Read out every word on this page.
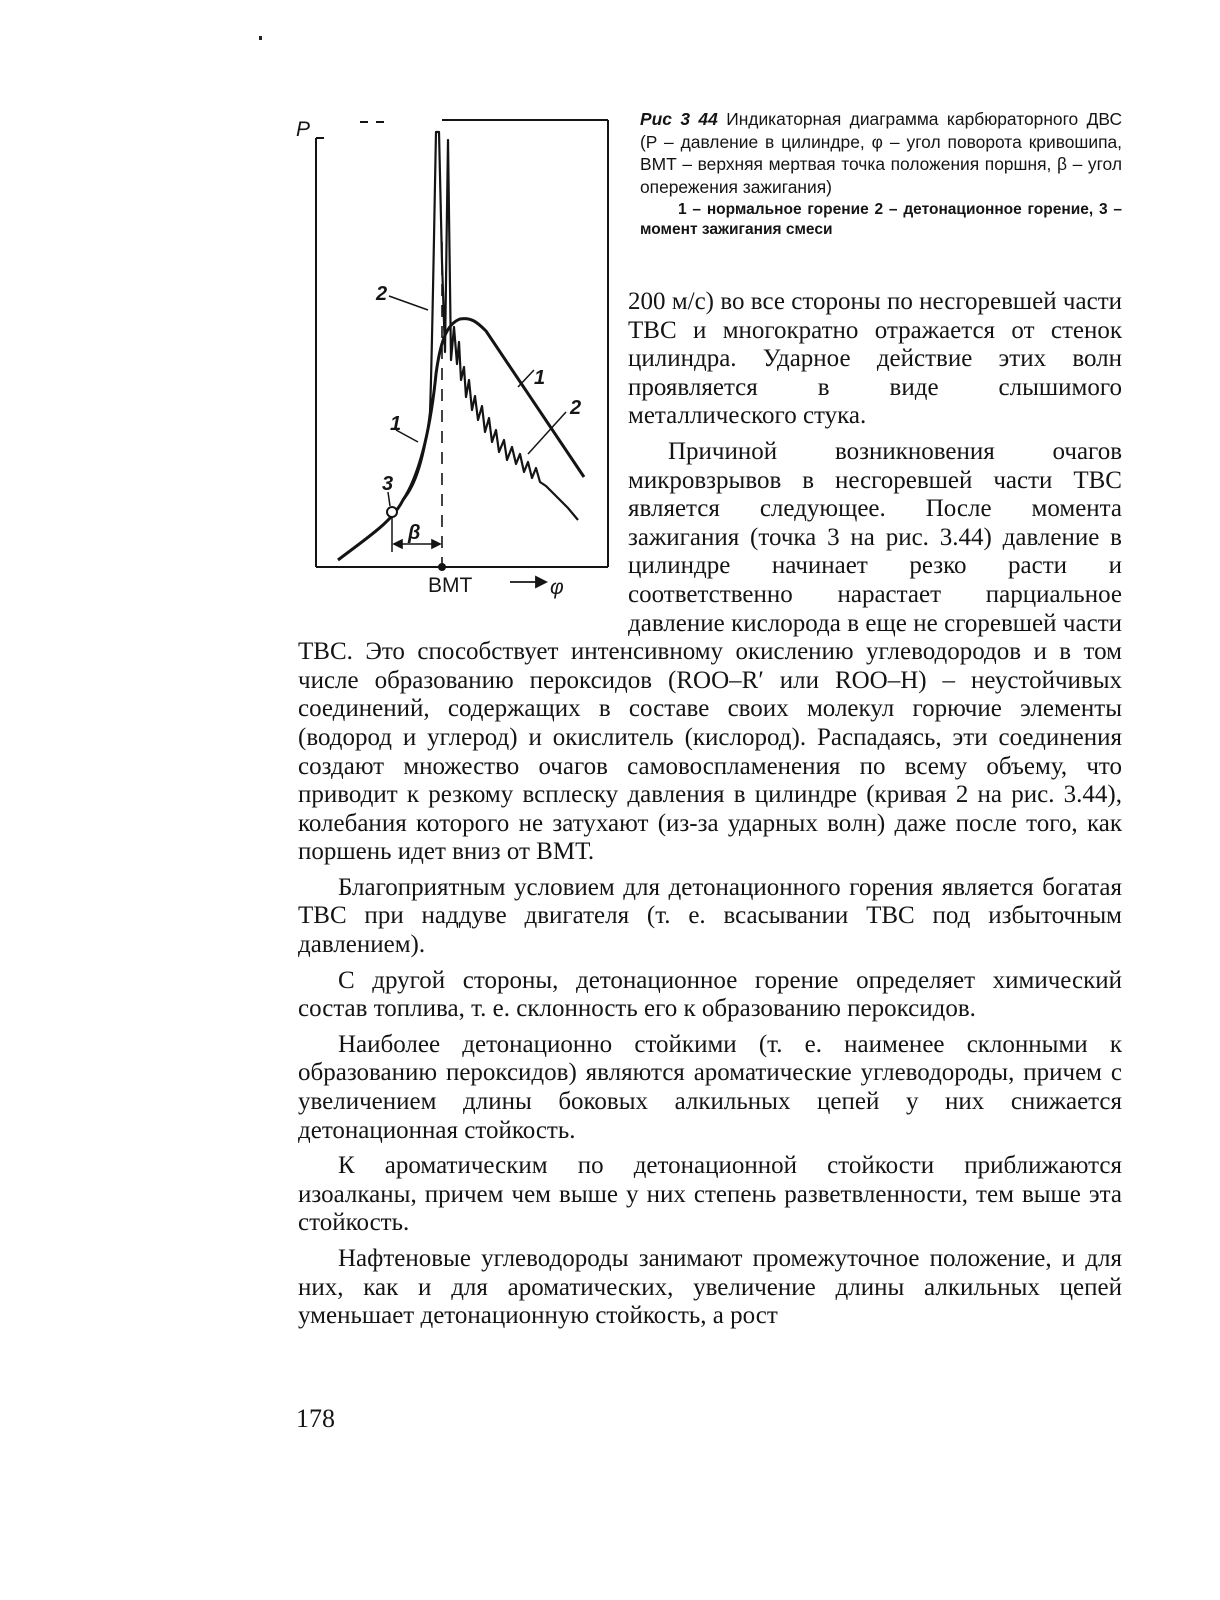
P
ВМТ	φ
β
1
2
1
2
3
Рис 3 44 Индикаторная диаграмма карбюраторного ДВС (P – давление в цилиндре, φ – угол поворота кривошипа, ВМТ – верхняя мертвая точка положения поршня, β – угол опережения зажигания)
1 – нормальное горение 2 – детонационное горение, 3 – момент зажигания смеси

200 м/с) во все стороны по несгоревшей части ТВС и многократно отражается от стенок цилиндра. Ударное действие этих волн проявляется в виде слышимого металлического стука.

Причиной возникновения очагов микровзрывов в несгоревшей части ТВС является следующее. После момента зажигания (точка 3 на рис. 3.44) давление в цилиндре начинает резко расти и соответственно нарастает парциальное давление кислорода в еще не сгоревшей части ТВС. Это способствует интенсивному окислению углеводородов и в том числе образованию пероксидов (ROO–R′ или ROO–H) – неустойчивых соединений, содержащих в составе своих молекул горючие элементы (водород и углерод) и окислитель (кислород). Распадаясь, эти соединения создают множество очагов самовоспламенения по всему объему, что приводит к резкому всплеску давления в цилиндре (кривая 2 на рис. 3.44), колебания которого не затухают (из-за ударных волн) даже после того, как поршень идет вниз от ВМТ.

Благоприятным условием для детонационного горения является богатая ТВС при наддуве двигателя (т. е. всасывании ТВС под избыточным давлением).

С другой стороны, детонационное горение определяет химический состав топлива, т. е. склонность его к образованию пероксидов.

Наиболее детонационно стойкими (т. е. наименее склонными к образованию пероксидов) являются ароматические углеводороды, причем с увеличением длины боковых алкильных цепей у них снижается детонационная стойкость.

К ароматическим по детонационной стойкости приближаются изоалканы, причем чем выше у них степень разветвленности, тем выше эта стойкость.

Нафтеновые углеводороды занимают промежуточное положение, и для них, как и для ароматических, увеличение длины алкильных цепей уменьшает детонационную стойкость, а рост

178
